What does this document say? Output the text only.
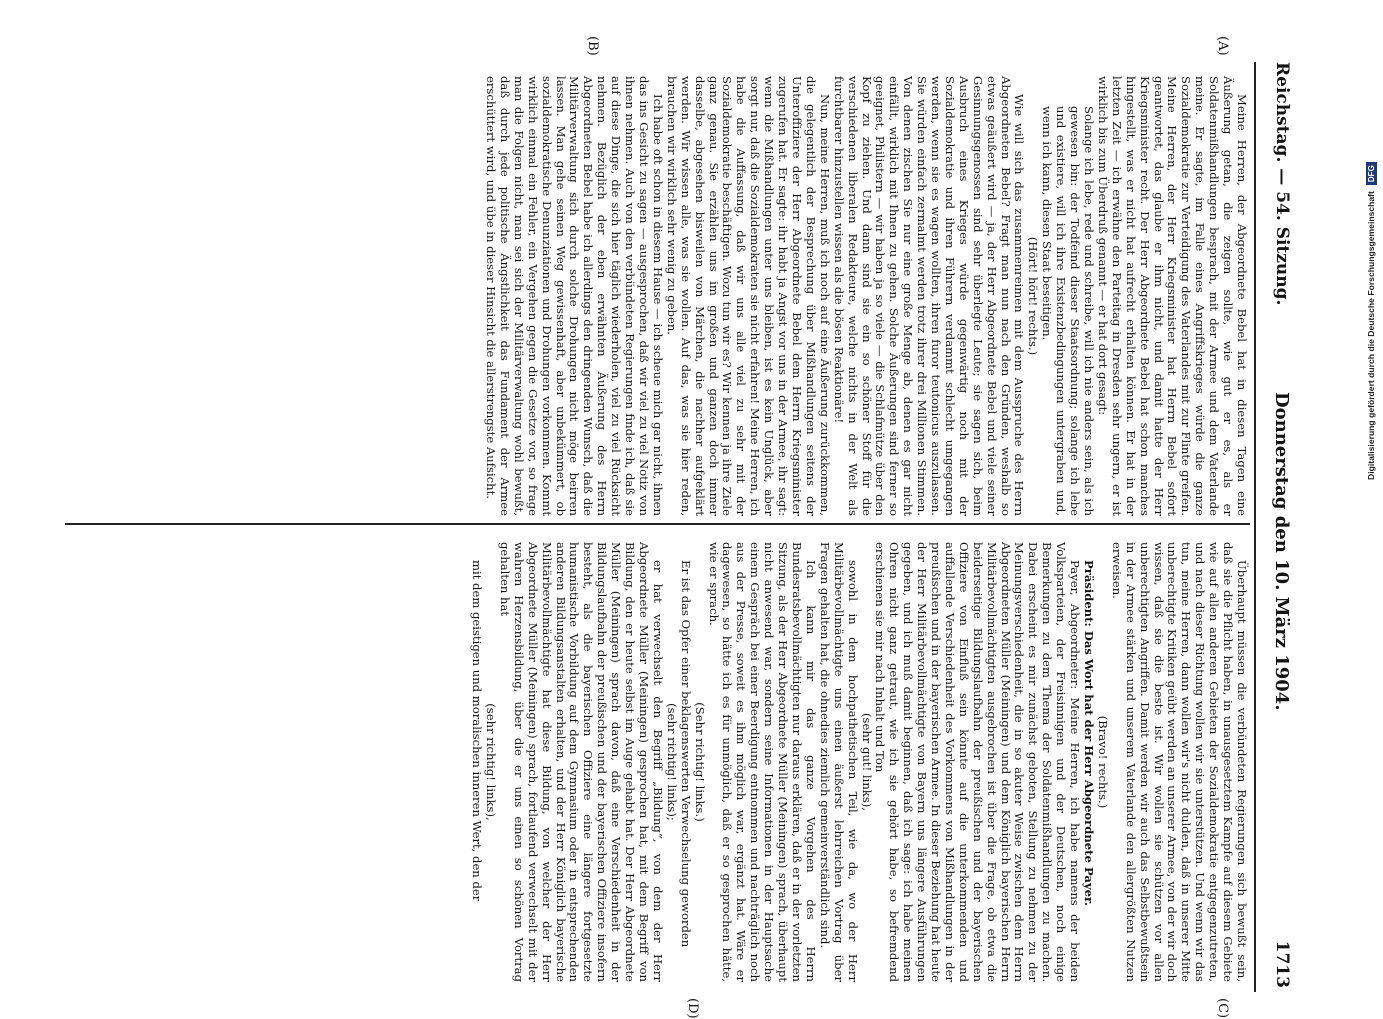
Reichstag. — 54. Sitzung.
Donnerstag den 10. März 1904.
1713
(A)
(B)
(C)
(D)

Meine Herren, der Abgeordnete Bebel hat in diesen Tagen eine Äußerung getan, die zeigen sollte, wie gut er es, als er Soldatenmißhandlungen besprach, mit der Armee und dem Vaterlande meine. Er sagte, im Falle eines Angriffskrieges würde die ganze Sozialdemokratie zur Verteidigung des Vaterlandes mit zur Flinte greifen. Meine Herren, der Herr Kriegsminister hat Herrn Bebel sofort geantwortet, das glaube er ihm nicht, und damit hatte der Herr Kriegsminister recht. Der Herr Abgeordnete Bebel hat schon manches hingestellt, was er nicht hat aufrecht erhalten können. Er hat in der letzten Zeit — ich erwähne den Parteitag in Dresden sehr ungern, er ist wirklich bis zum Überdruß genannt — er hat dort gesagt:

Solange ich lebe, rede und schreibe, will ich nie anders sein, als ich gewesen bin: der Todfeind dieser Staatsordnung; solange ich lebe und existiere, will ich ihre Existenzbedingungen untergraben und, wenn ich kann, diesen Staat beseitigen.

(Hört! hört! rechts.)

Wie will sich das zusammenreimen mit dem Ausspruche des Herrn Abgeordneten Bebel? Fragt man nun nach den Gründen, weshalb so etwas geäußert wird — ja, der Herr Abgeordnete Bebel und viele seiner Gesinnungsgenossen sind sehr überlegte Leute; sie sagen sich, beim Ausbruch eines Krieges würde gegenwärtig noch mit der Sozialdemokratie und ihren Führern verdammt schlecht umgegangen werden, wenn sie es wagen wollten, ihren furor teutonicus auszulassen. Sie würden einfach zermalmt werden trotz ihrer drei Millionen Stimmen. Von denen zischen Sie nur eine große Menge ab, denen es gar nicht einfällt, wirklich mit Ihnen zu gehen. Solche Äußerungen sind ferner so geeignet, Philistern — wir haben ja so viele — die Schlafmütze über den Kopf zu ziehen. Und dann sind sie ein so schöner Stoff für die verschiedenen liberalen Redakteure, welche nichts in der Welt als furchtbarer hinzustellen wissen als die bösen Reaktionäre!

Nun, meine Herren, muß ich noch auf eine Äußerung zurückkommen, die gelegentlich der Besprechung über Mißhandlungen seitens der Unteroffiziere der Herr Abgeordnete Bebel dem Herrn Kriegsminister zugerufen hat. Er sagte: ihr habt ja Angst vor uns in der Armee, ihr sagt: wenn die Mißhandlungen unter uns bleiben, ist es kein Unglück, aber sorgt nur, daß die Sozialdemokraten sie nicht erfahren! Meine Herren, ich habe die Auffassung, daß wir uns alle viel zu sehr mit der Sozialdemokratie beschäftigen. Wozu tun wir es? Wir kennen ja ihre Ziele ganz genau. Sie erzählen uns im großen und ganzen doch immer dasselbe, abgesehen bisweilen von Märchen, die nachher aufgeklärt werden. Wir wissen alle, was sie wollen. Auf das, was sie hier reden, brauchen wir wirklich sehr wenig zu geben.

Ich habe oft schon in diesem Hause — ich scheue mich gar nicht, ihnen das ins Gesicht zu sagen — ausgesprochen, daß wir viel zu viel Notiz von ihnen nehmen. Auch von den verbündeten Regierungen finde ich, daß sie auf diese Dinge, die sich hier täglich wiederholen, viel zu viel Rücksicht nehmen. Bezüglich der eben erwähnten Äußerung des Herrn Abgeordneten Bebel habe ich allerdings den dringenden Wunsch, daß die Militärverwaltung sich durch solche Drohungen nicht möge beirren lassen. Man gehe seinen Weg gewissenhaft, aber unbekümmert, ob sozialdemokratische Denunziationen und Drohungen vorkommen. Kommt wirklich einmal ein Fehler, ein Vergehen gegen die Gesetze vor, so frage man die Folgen nicht, man sei sich der Militärverwaltung wohl bewußt, daß durch jede politische Ängstlichkeit das Fundament der Armee erschüttert wird, und übe in dieser Hinsicht die allerstrengste Aufsicht.

Überhaupt müssen die verbündeten Regierungen sich bewußt sein, daß sie die Pflicht haben, in unausgesetztem Kampfe auf diesem Gebiete wie auf allen anderen Gebieten der Sozialdemokratie entgegenzutreten, und nach dieser Richtung wollen wir sie unterstützen. Und wenn wir das tun, meine Herren, dann wollen wir's nicht dulden, daß in unserer Mitte unberechtigte Kritiken geübt werden an unserer Armee, von der wir doch wissen, daß sie die beste ist. Wir wollen sie schützen vor allen unberechtigten Angriffen. Damit werden wir auch das Selbstbewußtsein in der Armee stärken und unserem Vaterlande den allergrößten Nutzen erweisen.

(Bravo! rechts.)

Präsident: Das Wort hat der Herr Abgeordnete Payer.

Payer, Abgeordneter: Meine Herren, ich habe namens der beiden Volksparteien, der Freisinnigen und der Deutschen, noch einige Bemerkungen zu dem Thema der Soldatenmißhandlungen zu machen. Dabei erscheint es mir zunächst geboten, Stellung zu nehmen zu der Meinungsverschiedenheit, die in so akuter Weise zwischen dem Herrn Abgeordneten Müller (Meiningen) und dem Königlich bayerischen Herrn Militärbevollmächtigten ausgebrochen ist über die Frage, ob etwa die beiderseitige Bildungslaufbahn der preußischen und der bayerischen Offiziere von Einfluß sein könnte auf die unterkommenden und auffallende Verschiedenheit des Vorkommens von Mißhandlungen in der preußischen und in der bayerischen Armee. In dieser Beziehung hat heute der Herr Militärbevollmächtigte von Bayern uns längere Ausführungen gegeben, und ich muß damit beginnen, daß ich sage: ich habe meinen Ohren nicht ganz getraut, wie ich sie gehört habe, so befremdend erschienen sie mir nach Inhalt und Ton

(sehr gut! links),

sowohl in dem hochpathetischen Teil, wie da, wo der Herr Militärbevollmächtigte uns einen äußerst lehrreichen Vortrag über Fragen gehalten hat, die ohnedies ziemlich gemeinverständlich sind.

Ich kann mir das ganze Vorgehen des Herrn Bundesratsbevollmächtigten nur daraus erklären, daß er in der vorletzten Sitzung, als der Herr Abgeordnete Müller (Meiningen) sprach, überhaupt nicht anwesend war, sondern seine Informationen in der Hauptsache einem Gespräch bei einer Beerdigung entnommen und nachträglich noch aus der Presse, soweit es ihm möglich war, ergänzt hat. Wäre er dagewesen, so hätte ich es für unmöglich, daß er so gesprochen hätte, wie er sprach.

(Sehr richtig! links.)

Er ist das Opfer einer beklagenswerten Verwechselung geworden

(sehr richtig! links);

er hat verwechselt den Begriff „Bildung“, von dem der Herr Abgeordnete Müller (Meiningen) gesprochen hat, mit dem Begriff von Bildung, den er heute selbst im Auge gehabt hat. Der Herr Abgeordnete Müller (Meiningen) sprach davon, daß eine Verschiedenheit in der Bildungslaufbahn der preußischen und der bayerischen Offiziere insofern besteht, als die bayerischen Offiziere eine längere fortgesetzte humanistische Vorbildung auf dem Gymnasium oder in entsprechenden anderen Bildungsanstalten erhalten, und der Herr Königlich bayerische Militärbevollmächtigte hat diese Bildung, von welcher der Herr Abgeordnete Müller (Meiningen) sprach, fortlaufend verwechselt mit der wahren Herzensbildung, über die er uns einen so schönen Vortrag gehalten hat

(sehr richtig! links),

mit dem geistigen und moralischen inneren Wert, den der

Digitalisierung gefördert durch die Deutsche ForschungsgemeinschaftDFG
